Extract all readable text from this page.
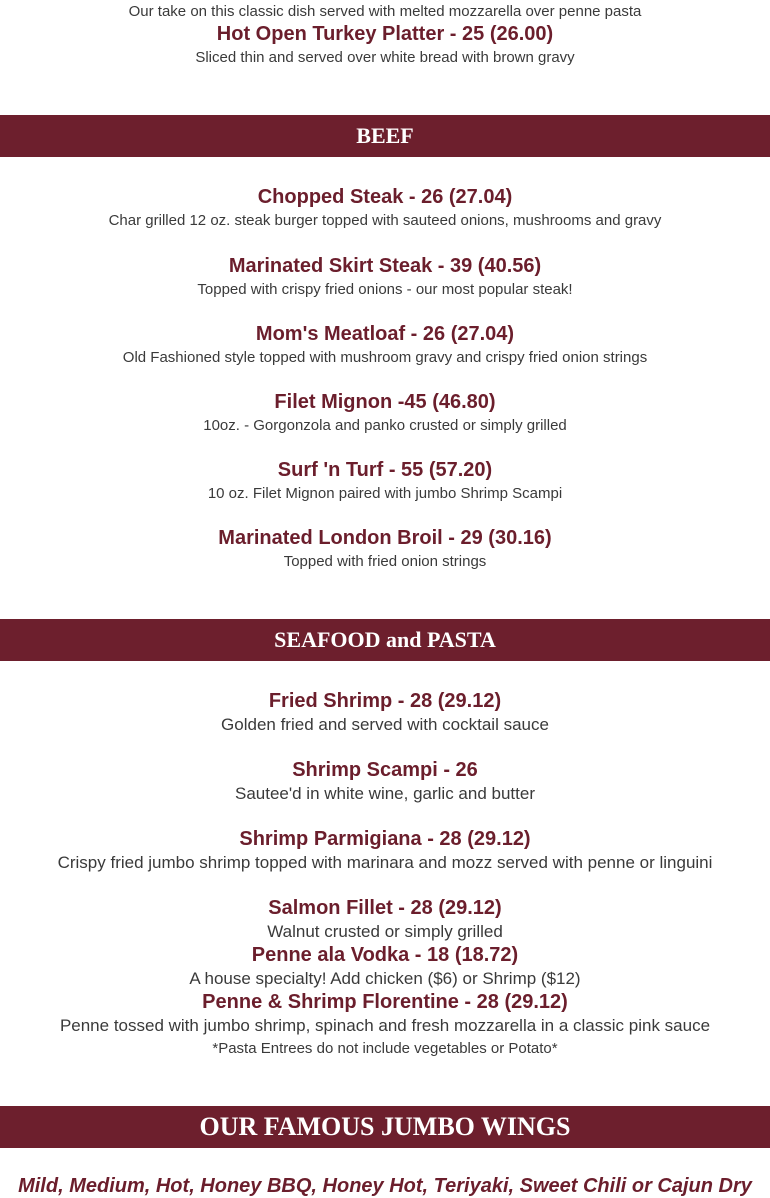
Our take on this classic dish served with melted mozzarella over penne pasta
Hot Open Turkey Platter - 25 (26.00)
Sliced thin and served over white bread with brown gravy
BEEF
Chopped Steak - 26 (27.04)
Char grilled 12 oz. steak burger topped with sauteed onions, mushrooms and gravy
Marinated Skirt Steak - 39 (40.56)
Topped with crispy fried onions - our most popular steak!
Mom's Meatloaf - 26 (27.04)
Old Fashioned style topped with mushroom gravy and crispy fried onion strings
Filet Mignon -45 (46.80)
10oz. - Gorgonzola and panko crusted or simply grilled
Surf 'n Turf - 55 (57.20)
10 oz. Filet Mignon paired with jumbo Shrimp Scampi
Marinated London Broil - 29 (30.16)
Topped with fried onion strings
SEAFOOD and PASTA
Fried Shrimp - 28 (29.12)
Golden fried and served with cocktail sauce
Shrimp Scampi - 26
Sautee'd in white wine, garlic and butter
Shrimp Parmigiana - 28 (29.12)
Crispy fried jumbo shrimp topped with marinara and mozz served with penne or linguini
Salmon Fillet - 28 (29.12)
Walnut crusted or simply grilled
Penne ala Vodka - 18 (18.72)
A house specialty! Add chicken ($6) or Shrimp ($12)
Penne & Shrimp Florentine - 28 (29.12)
Penne tossed with jumbo shrimp, spinach and fresh mozzarella in a classic pink sauce
*Pasta Entrees do not include vegetables or Potato*
OUR FAMOUS JUMBO WINGS
Mild, Medium, Hot, Honey BBQ, Honey Hot, Teriyaki, Sweet Chili or Cajun Dry
